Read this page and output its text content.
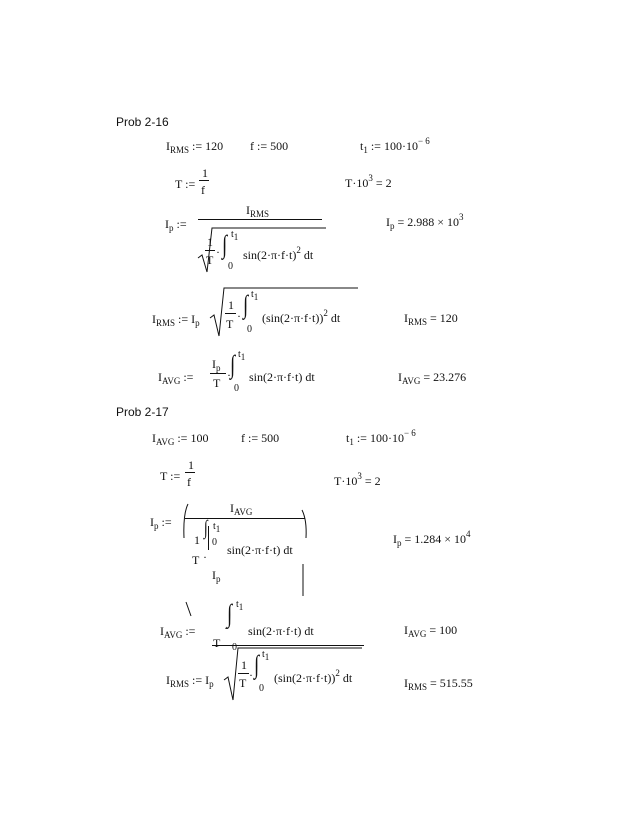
Prob 2-16
$I_{RMS}$ := 120 f := 500	$t_1$ := $100\cdot 10^{- 6}$
T :=
1
f	$T\cdot 10^3 = 2$
$I_p$ :=
$I_{RMS}$
1
T
· ∫ t1
0
$\sin(2\cdot\pi\cdot f\cdot t)^2$ dt
$I_p = 2.988 \times 10^3$
$I_{RMS}$ := $I_p$
1
T
· ∫ t1
0
$(\sin(2\cdot\pi\cdot f\cdot t))^2$ dt	$I_{RMS} = 120$
$I_{AVG}$ :=
$I_p$
T
· ∫ t1
0
sin(2·π·f·t) dt	$I_{AVG} = 23.276$
Prob 2-17
$I_{AVG}$ := 100	f := 500	$t_1$ := $100\cdot 10^{- 6}$
T :=
1
f	$T\cdot 10^3 = 2$
$I_p$ :=
$I_{AVG}$
1
T ·
∫ t1
0
sin(2·π·f·t) dt
$I_p$
$I_p = 1.284 \times 10^4$
$I_{AVG}$ :=
∫ t1
· sin(2·π·f·t) dt
T 0
$I_{AVG} = 100$
$I_{RMS}$ := $I_p$
1
T
· ∫ t1
0
$(\sin(2\cdot\pi\cdot f\cdot t))^2$ dt	$I_{RMS} = 515.55$
